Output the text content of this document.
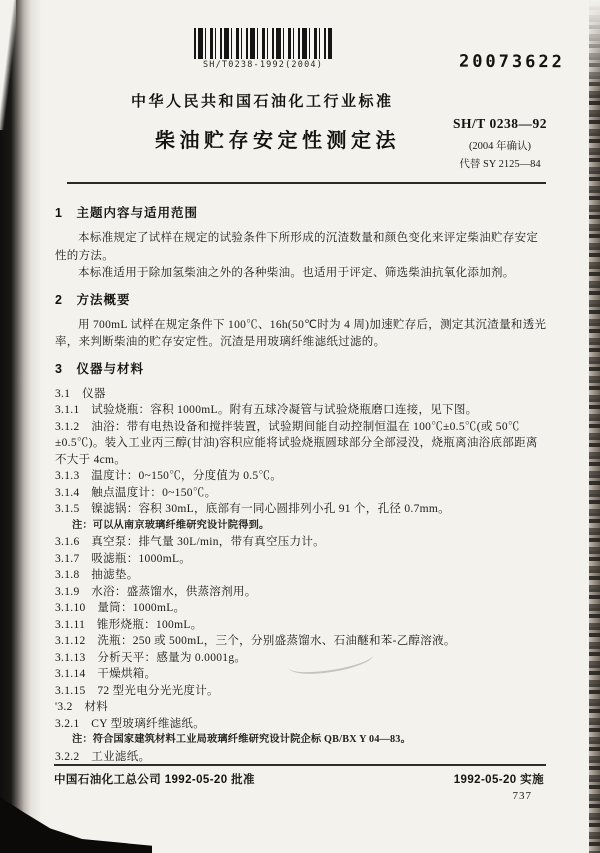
SH/T0238-1992(2004)	20073622
中华人民共和国石油化工行业标准
柴油贮存安定性测定法
SH/T 0238—92
(2004 年确认)
代替 SY 2125—84
1　主题内容与适用范围

本标准规定了试样在规定的试验条件下所形成的沉渣数量和颜色变化来评定柴油贮存安定性的方法。

本标准适用于除加氢柴油之外的各种柴油。也适用于评定、筛选柴油抗氧化添加剂。

2　方法概要

用 700mL 试样在规定条件下 100℃、16h(50℃时为 4 周)加速贮存后，测定其沉渣量和透光率，来判断柴油的贮存安定性。沉渣是用玻璃纤维滤纸过滤的。

3　仪器与材料
3.1　仪器
3.1.1　试验烧瓶：容积 1000mL。附有五球冷凝管与试验烧瓶磨口连接，见下图。
3.1.2　油浴：带有电热设备和搅拌装置，试验期间能自动控制恒温在 100℃±0.5℃(或 50℃±0.5℃)。装入工业丙三醇(甘油)容积应能将试验烧瓶圆球部分全部浸没，烧瓶离油浴底部距离不大于 4cm。
3.1.3　温度计：0~150℃，分度值为 0.5℃。
3.1.4　触点温度计：0~150℃。
3.1.5　镍滤锅：容积 30mL，底部有一同心圆排列小孔 91 个，孔径 0.7mm。
注：可以从南京玻璃纤维研究设计院得到。
3.1.6　真空泵：排气量 30L/min，带有真空压力计。
3.1.7　吸滤瓶：1000mL。
3.1.8　抽滤垫。
3.1.9　水浴：盛蒸馏水，供蒸溶剂用。
3.1.10　量筒：1000mL。
3.1.11　锥形烧瓶：100mL。
3.1.12　洗瓶：250 或 500mL，三个，分别盛蒸馏水、石油醚和苯-乙醇溶液。
3.1.13　分析天平：感量为 0.0001g。
3.1.14　干燥烘箱。
3.1.15　72 型光电分光光度计。
'3.2　材料
3.2.1　CY 型玻璃纤维滤纸。
注：符合国家建筑材料工业局玻璃纤维研究设计院企标 QB/BX Y 04—83。
3.2.2　工业滤纸。
中国石油化工总公司 1992-05-20 批准	1992-05-20 实施
737
